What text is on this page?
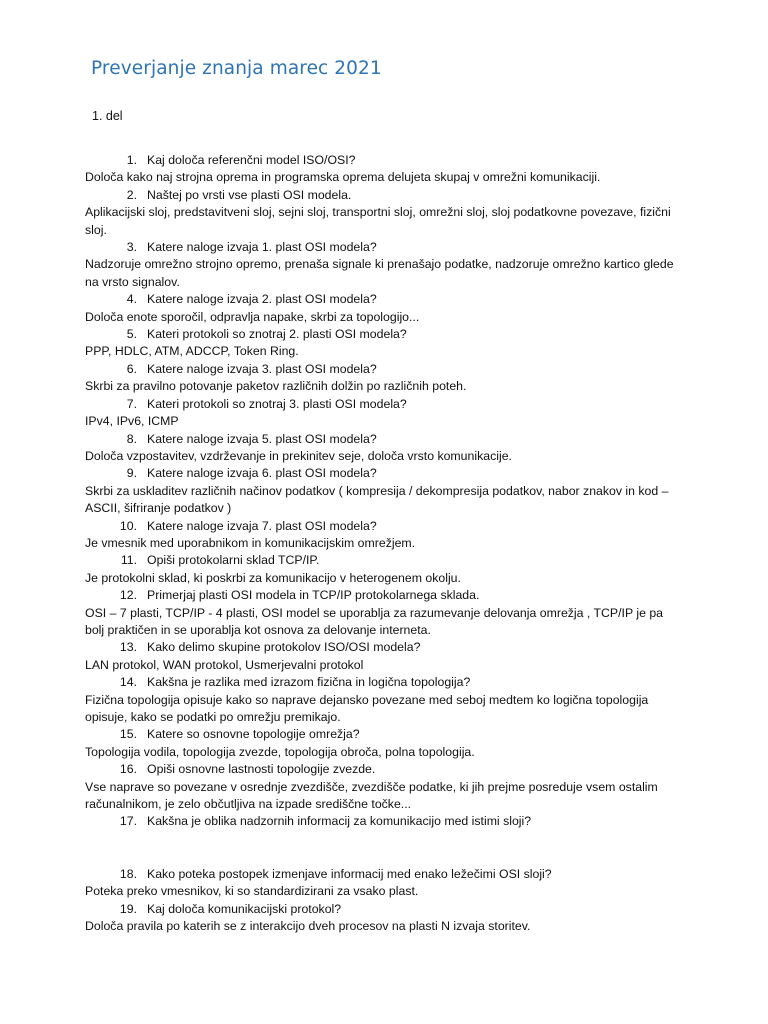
Preverjanje znanja marec 2021
1. del
1. Kaj določa referenčni model ISO/OSI?
Določa kako naj strojna oprema in programska oprema delujeta skupaj v omrežni komunikaciji.
2. Naštej po vrsti vse plasti OSI modela.
Aplikacijski sloj, predstavitveni sloj, sejni sloj, transportni sloj, omrežni sloj, sloj podatkovne povezave, fizični sloj.
3. Katere naloge izvaja 1. plast OSI modela?
Nadzoruje omrežno strojno opremo, prenaša signale ki prenašajo podatke, nadzoruje omrežno kartico glede na vrsto signalov.
4. Katere naloge izvaja 2. plast OSI modela?
Določa enote sporočil, odpravlja napake, skrbi za topologijo...
5. Kateri protokoli so znotraj 2. plasti OSI modela?
PPP, HDLC, ATM, ADCCP, Token Ring.
6. Katere naloge izvaja 3. plast OSI modela?
Skrbi za pravilno potovanje paketov različnih dolžin po različnih poteh.
7. Kateri protokoli so znotraj 3. plasti OSI modela?
IPv4, IPv6, ICMP
8. Katere naloge izvaja 5. plast OSI modela?
Določa vzpostavitev, vzdrževanje in prekinitev seje, določa vrsto komunikacije.
9. Katere naloge izvaja 6. plast OSI modela?
Skrbi za uskladitev različnih načinov podatkov ( kompresija / dekompresija podatkov, nabor znakov in kod – ASCII, šifriranje podatkov )
10. Katere naloge izvaja 7. plast OSI modela?
Je vmesnik med uporabnikom in komunikacijskim omrežjem.
11. Opiši protokolarni sklad TCP/IP.
Je protokolni sklad, ki poskrbi za komunikacijo v heterogenem okolju.
12. Primerjaj plasti OSI modela in TCP/IP protokolarnega sklada.
OSI – 7 plasti, TCP/IP - 4 plasti, OSI model se uporablja za razumevanje delovanja omrežja , TCP/IP je pa bolj praktičen in se uporablja kot osnova za delovanje interneta.
13. Kako delimo skupine protokolov ISO/OSI modela?
LAN protokol, WAN protokol, Usmerjevalni protokol
14. Kakšna je razlika med izrazom fizična in logična topologija?
Fizična topologija opisuje kako so naprave dejansko povezane med seboj medtem ko logična topologija opisuje, kako se podatki po omrežju premikajo.
15. Katere so osnovne topologije omrežja?
Topologija vodila, topologija zvezde, topologija obroča, polna topologija.
16. Opiši osnovne lastnosti topologije zvezde.
Vse naprave so povezane v osrednje zvezdišče, zvezdišče podatke, ki jih prejme posreduje vsem ostalim računalnikom, je zelo občutljiva na izpade središčne točke...
17. Kakšna je oblika nadzornih informacij za komunikacijo med istimi sloji?
18. Kako poteka postopek izmenjave informacij med enako ležečimi OSI sloji?
Poteka preko vmesnikov, ki so standardizirani za vsako plast.
19. Kaj določa komunikacijski protokol?
Določa pravila po katerih se z interakcijo dveh procesov na plasti N izvaja storitev.
